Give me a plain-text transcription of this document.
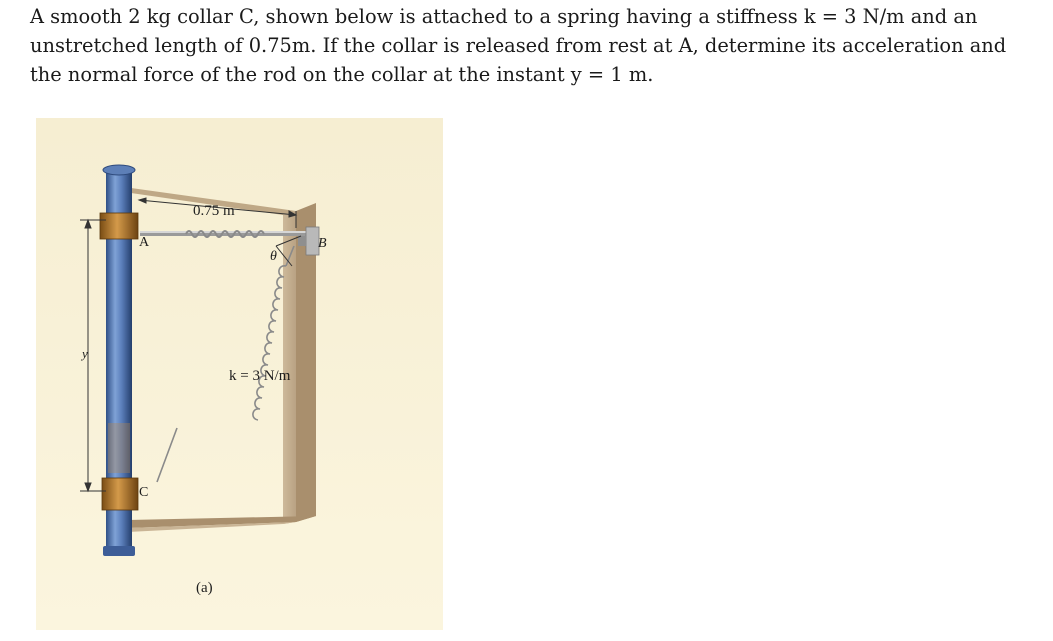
A smooth 2 kg collar C, shown below is attached to a spring having a stiffness k = 3 N/m and an
unstretched length of 0.75m. If the collar is released from rest at A, determine its acceleration and
the normal force of the rod on the collar at the instant y = 1 m.

0.75 m
A	B
θ
C
y
k = 3 N/m
(a)
